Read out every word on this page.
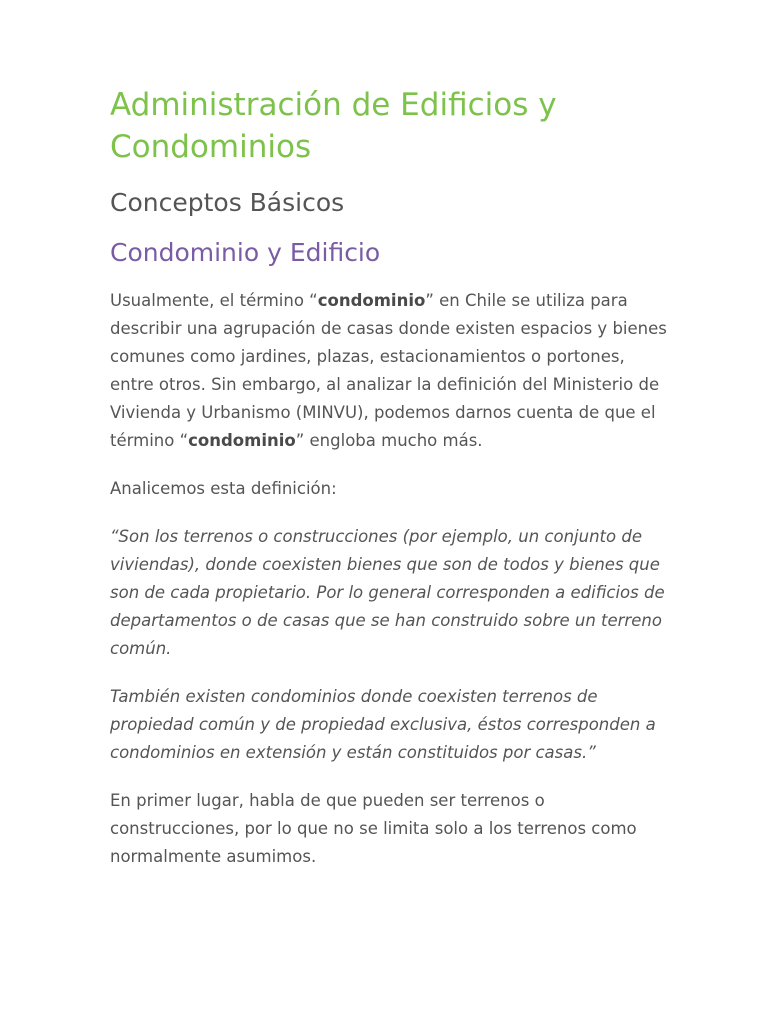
Administración de Edificios y Condominios
Conceptos Básicos
Condominio y Edificio

Usualmente, el término “condominio” en Chile se utiliza para describir una agrupación de casas donde existen espacios y bienes comunes como jardines, plazas, estacionamientos o portones, entre otros. Sin embargo, al analizar la definición del Ministerio de Vivienda y Urbanismo (MINVU), podemos darnos cuenta de que el término “condominio” engloba mucho más.

Analicemos esta definición:

“Son los terrenos o construcciones (por ejemplo, un conjunto de viviendas), donde coexisten bienes que son de todos y bienes que son de cada propietario. Por lo general corresponden a edificios de departamentos o de casas que se han construido sobre un terreno común.

También existen condominios donde coexisten terrenos de propiedad común y de propiedad exclusiva, éstos corresponden a condominios en extensión y están constituidos por casas.”

En primer lugar, habla de que pueden ser terrenos o construcciones, por lo que no se limita solo a los terrenos como normalmente asumimos.
